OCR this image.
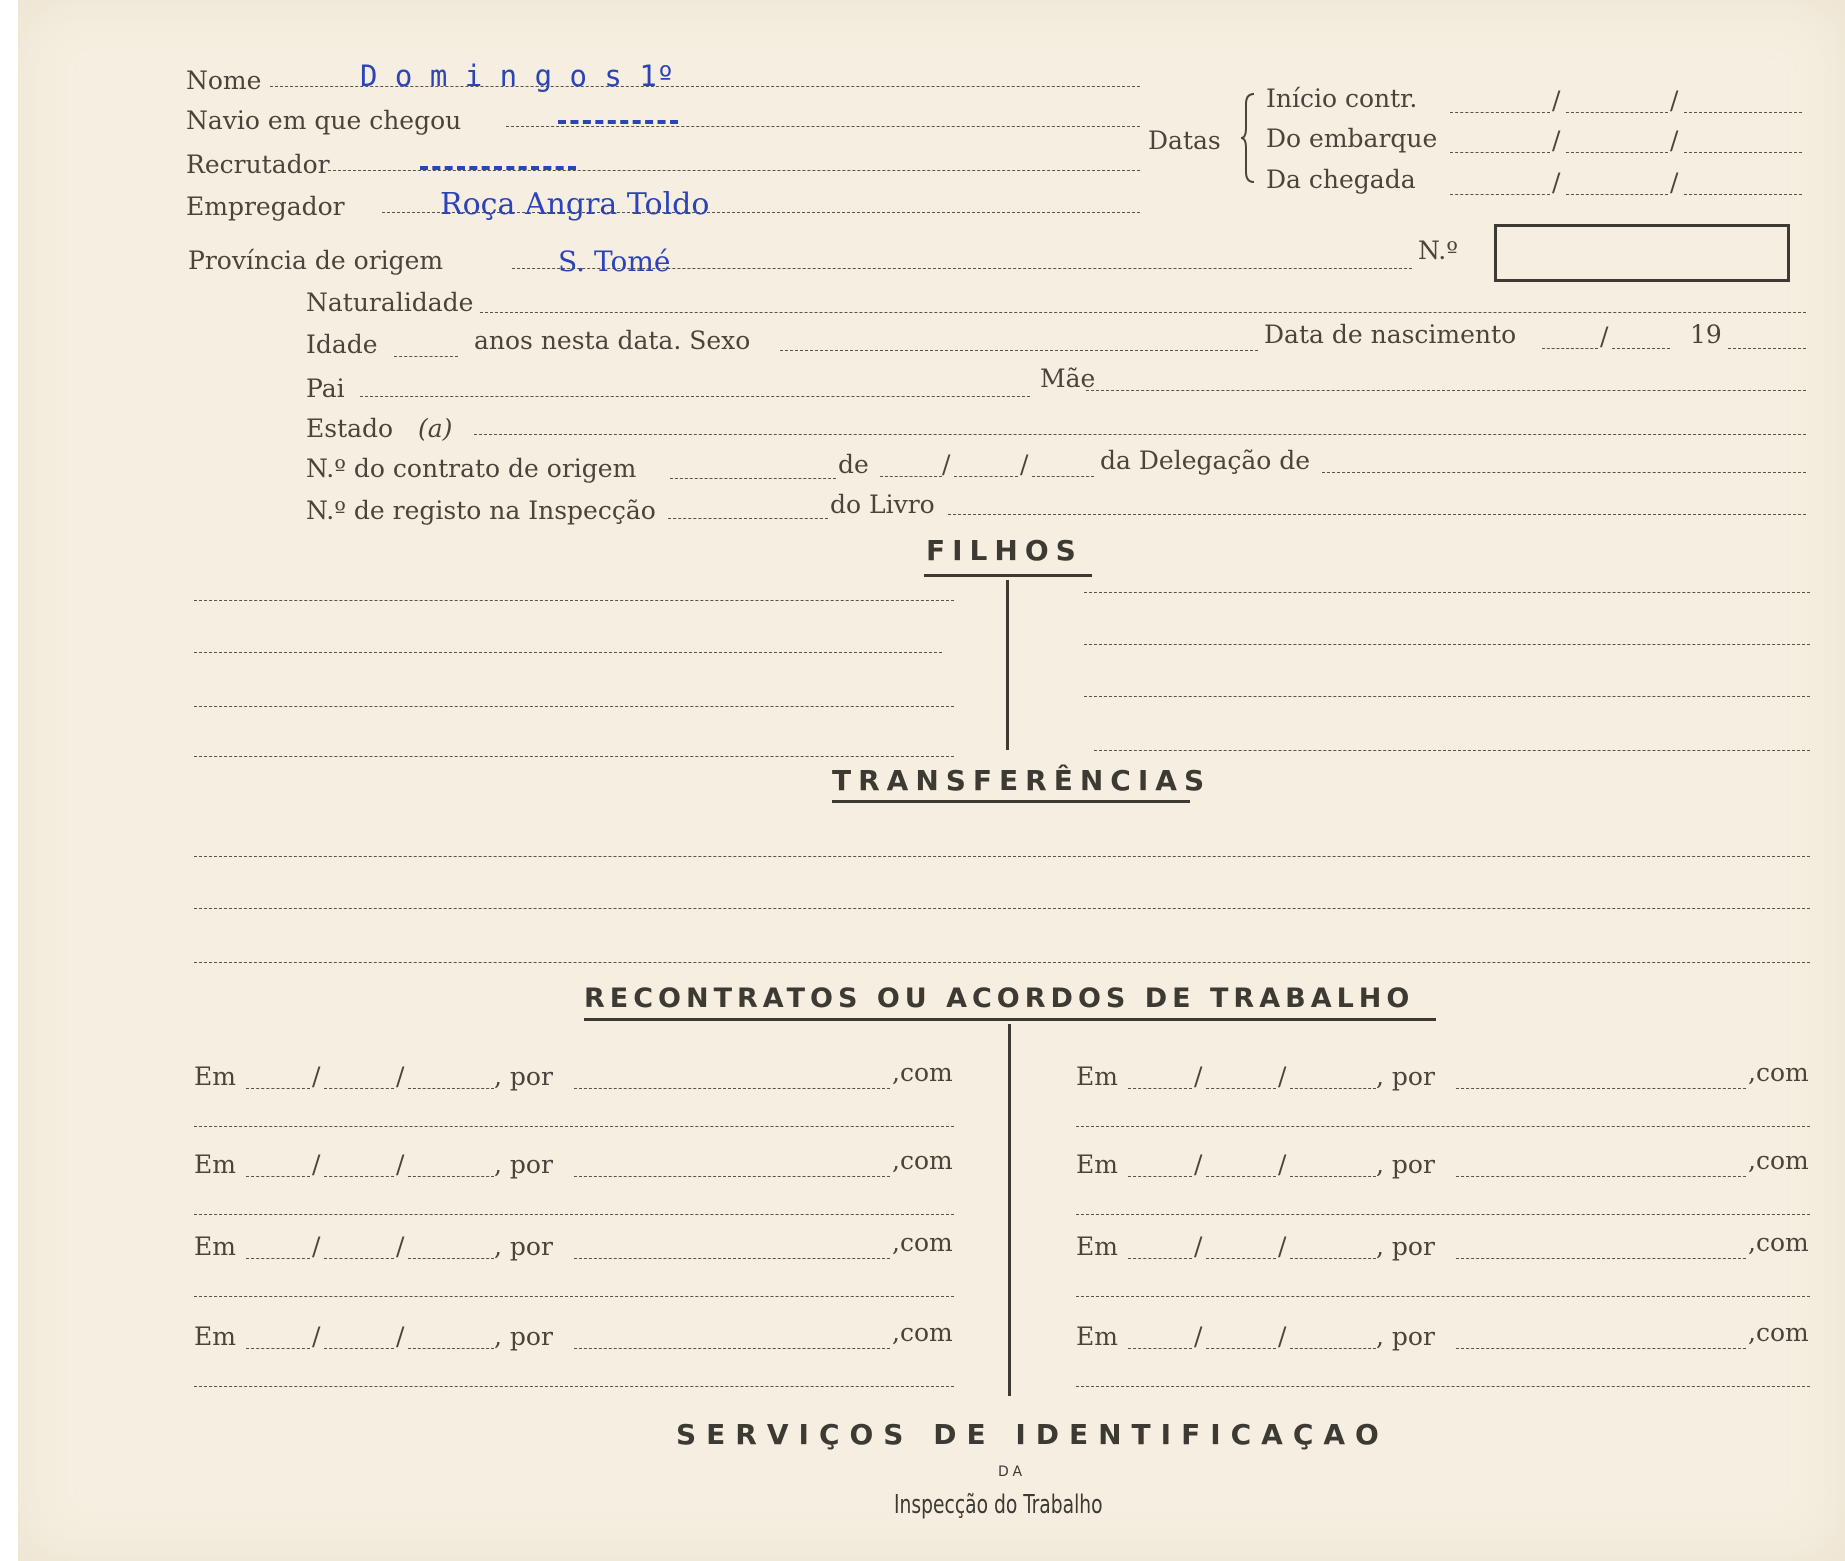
Nome	D o m i n g o s 1º
Navio em que chegou
Recrutador
Empregador	Roça Angra Toldo
Datas
Início contr.	/	/
Do embarque	/	/
Da chegada	/	/
Província de origem	S. Tomé	N.º
Naturalidade
Idade	anos nesta data. Sexo	Data de nascimento	/	19
Pai	Mãe
Estado (a)
N.º do contrato de origem	de	/	/	da Delegação de
N.º de registo na Inspecção	do Livro
FILHOS
TRANSFERÊNCIAS
RECONTRATOS OU ACORDOS DE TRABALHO
Em	/	/	, por	,com
Em	/	/	, por	,com
Em	/	/	, por	,com
Em	/	/	, por	,com
Em	/	/	, por	,com
Em	/	/	, por	,com
Em	/	/	, por	,com
Em	/	/	, por	,com
SERVIÇOS DE IDENTIFICAÇAO
DA
Inspecção do Trabalho
